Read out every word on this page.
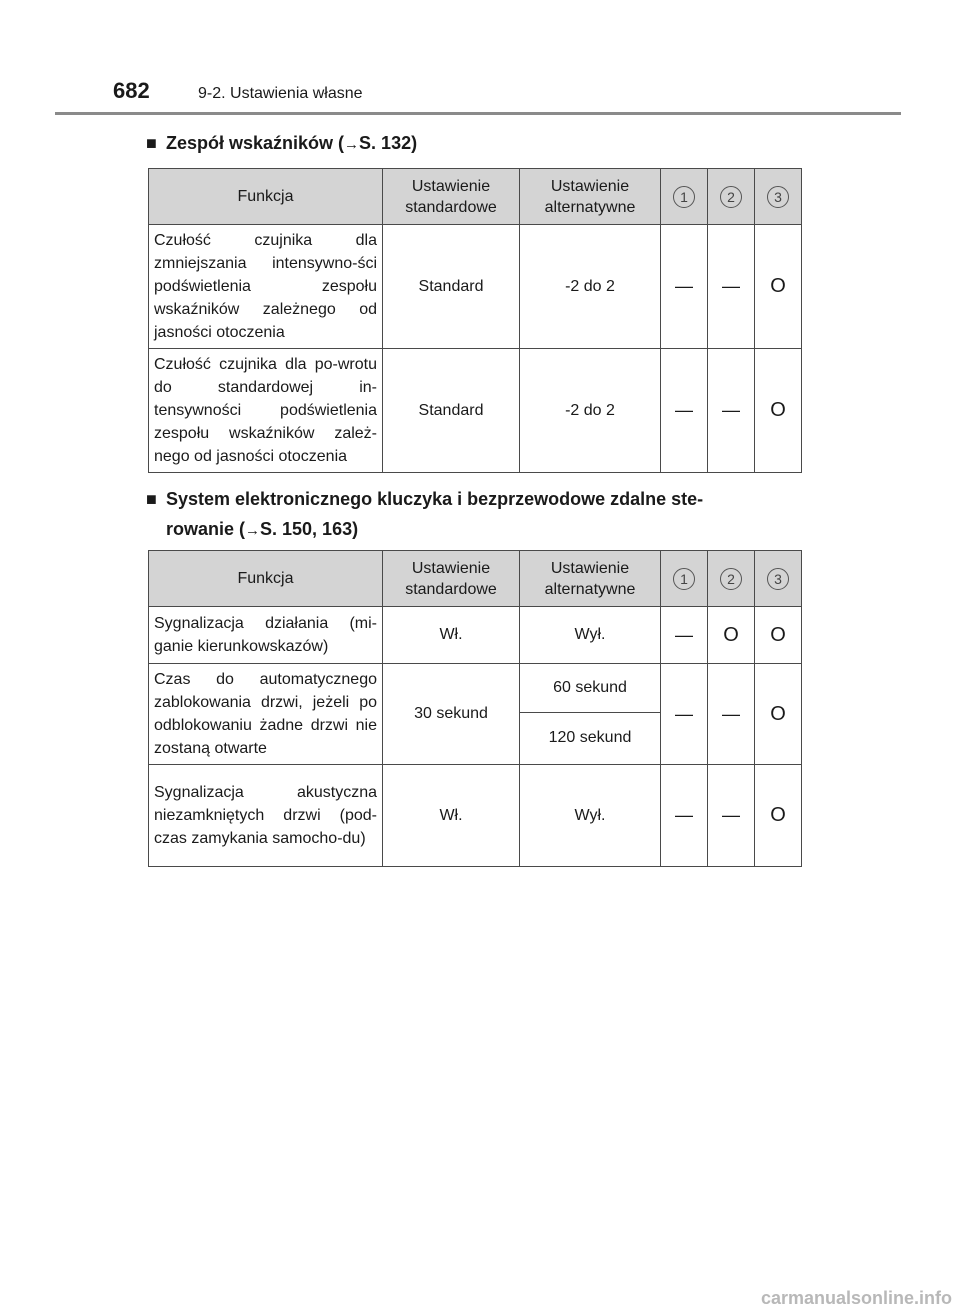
682	9-2. Ustawienia własne
■ Zespół wskaźników (→S. 132)
Funkcja	Ustawienie standardowe	Ustawienie alternatywne	1	2	3
Czułość czujnika dla zmniejszania intensywno-ści podświetlenia zespołu wskaźników zależnego od jasności otoczenia	Standard	-2 do 2	—	—	O
Czułość czujnika dla po-wrotu do standardowej in-tensywności podświetlenia zespołu wskaźników zależ-nego od jasności otoczenia	Standard	-2 do 2	—	—	O
■ System elektronicznego kluczyka i bezprzewodowe zdalne ste-
rowanie (→S. 150, 163)
Funkcja	Ustawienie standardowe	Ustawienie alternatywne	1	2	3
Sygnalizacja działania (mi-ganie kierunkowskazów)	Wł.	Wył.	—	O	O
Czas do automatycznego zablokowania drzwi, jeżeli po odblokowaniu żadne drzwi nie zostaną otwarte	30 sekund	60 sekund	—	—	O
		120 sekund			
Sygnalizacja akustyczna niezamkniętych drzwi (pod-czas zamykania samocho-du)	Wł.	Wył.	—	—	O
carmanualsonline.info
